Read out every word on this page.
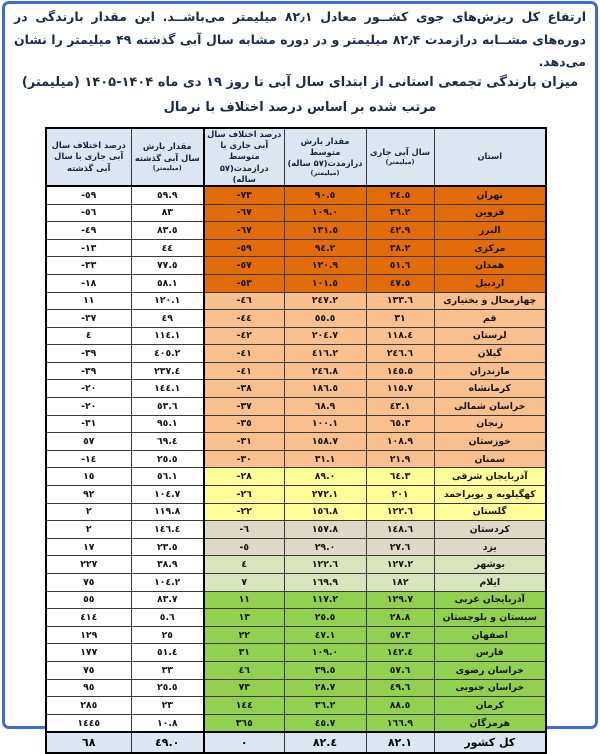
ارتفاع کل ریزش‌های جوی کشــور معادل ۸۲٫۱ میلیمتر می‌باشــد. این مقدار بارندگی در دوره‌های مشــابه درازمدت ۸۲٫۴ میلیمتر و در دوره مشابه سال آبی گذشته ۴۹ میلیمتر را نشان می‌دهد.
میزان بارندگی تجمعی استانی از ابتدای سال آبی تا روز ۱۹ دی ماه ۱۴۰۴-۱۴۰۵ (میلیمتر)
مرتب شده بر اساس درصد اختلاف با نرمال
استان	
سال آبی جاری
(میلیمتر)

مقدار بارش متوسط درازمدت(۵۷ ساله)
(میلیمتر)

درصد اختلاف سال آبی جاری با متوسط درازمدت(۵۷ ساله)

مقدار بارش سال آبی گذشته
(میلیمتر)

درصد اختلاف سال آبی جاری با سال آبی گذشته

تهران	٢٤.٥	٩٠.٥	-٧٣	٥٩.٩	-٥٩
قزوین	٣٦.٢	١٠٩.٠	-٦٧	٨٣	-٥٦
البرز	٤٢.٩	١٣١.٥	-٦٧	٨٣.٥	-٤٩
مرکزی	٣٨.٢	٩٤.٢	-٥٩	٤٤	-١٣
همدان	٥١.٦	١٢٠.٩	-٥٧	٧٧.٥	-٣٣
اردبیل	٤٧.٥	١٠١.٥	-٥٣	٥٨.١	-١٨
چهارمحال و بختیاری	١٣٣.٦	٢٤٧.٢	-٤٦	١٢٠.١	١١
قم	٣١	٥٥.٥	-٤٤	٤٩	-٣٧
لرستان	١١٨.٤	٢٠٤.٧	-٤٢	١١٤.١	٤
گیلان	٢٤٦.٦	٤١٦.٢	-٤١	٤٠٥.٢	-٣٩
مازندران	١٤٥.٥	٢٤٦.٨	-٤١	٢٣٧.٤	-٣٩
کرمانشاه	١١٥.٧	١٨٦.٥	-٣٨	١٤٤.١	-٢٠
خراسان شمالی	٤٣.١	٦٨.٩	-٣٧	٥٣.٦	-٢٠
زنجان	٦٥.٣	١٠٠.١	-٣٥	٩٥.١	-٣١
خوزستان	١٠٨.٩	١٥٨.٧	-٣١	٦٩.٤	٥٧
سمنان	٢١.٩	٣١.١	-٣٠	٢٥.٥	-١٤
آذربایجان شرقی	٦٤.٣	٨٩.٠	-٢٨	٥٦.١	١٥
کهگیلویه و بویراحمد	٢٠١	٢٧٢.١	-٢٦	١٠٤.٧	٩٢
گلستان	١٢٢.٦	١٥٦.٨	-٢٢	١١٩.٨	٢
کردستان	١٤٨.٦	١٥٧.٨	-٦	١٤٦.٤	٢
یزد	٢٧.٦	٢٩.٠	-٥	٢٣.٥	١٧
بوشهر	١٢٧.٢	١٢٢.٦	٤	٣٨.٩	٢٢٧
ایلام	١٨٢	١٦٩.٩	٧	١٠٤.٢	٧٥
آذربایجان غربی	١٢٩.٧	١١٧.٢	١١	٨٣.٧	٥٥
سیستان و بلوچستان	٢٨.٨	٢٥.٥	١٣	٥.٦	٤١٤
اصفهان	٥٧.٣	٤٧.١	٢٢	٢٥	١٢٩
فارس	١٤٢.٤	١٠٩.٠	٣١	٥١.٤	١٧٧
خراسان رضوی	٥٧.٦	٣٩.٥	٤٦	٣٣	٧٥
خراسان جنوبی	٤٩.٦	٢٨.٧	٧٣	٢٥.٥	٩٥
کرمان	٨٨.٥	٣٦.٢	١٤٤	٢٣	٢٨٥
هرمزگان	١٦٦.٩	٤٥.٧	٣٦٥	١٠.٨	١٤٤٥
کل کشور	٨٢.١	٨٢.٤	٠	٤٩.٠	٦٨
